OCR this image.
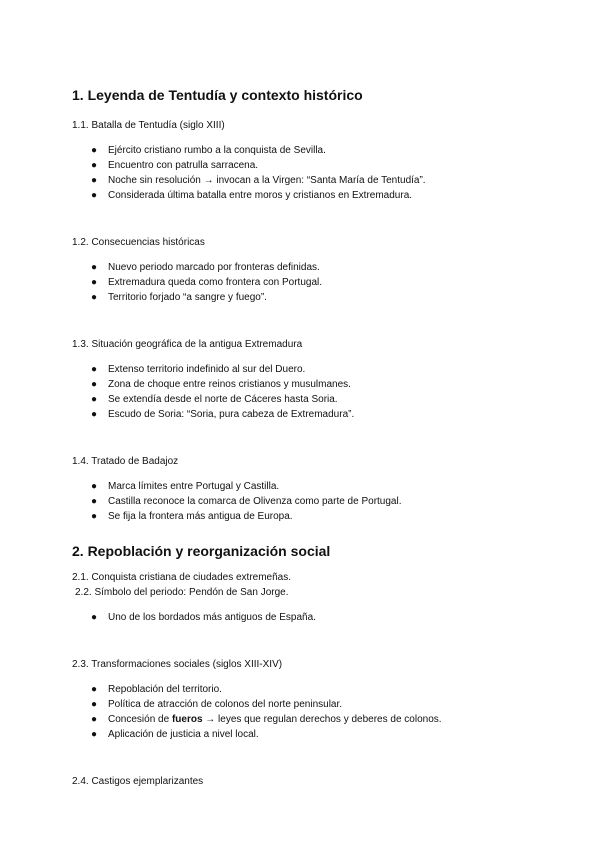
1. Leyenda de Tentudía y contexto histórico

1.1. Batalla de Tentudía (siglo XIII)

●	Ejército cristiano rumbo a la conquista de Sevilla.
●	Encuentro con patrulla sarracena.
●	Noche sin resolución → invocan a la Virgen: “Santa María de Tentudía”.
●	Considerada última batalla entre moros y cristianos en Extremadura.

1.2. Consecuencias históricas

●	Nuevo periodo marcado por fronteras definidas.
●	Extremadura queda como frontera con Portugal.
●	Territorio forjado “a sangre y fuego”.

1.3. Situación geográfica de la antigua Extremadura

●	Extenso territorio indefinido al sur del Duero.
●	Zona de choque entre reinos cristianos y musulmanes.
●	Se extendía desde el norte de Cáceres hasta Soria.
●	Escudo de Soria: “Soria, pura cabeza de Extremadura”.

1.4. Tratado de Badajoz

●	Marca límites entre Portugal y Castilla.
●	Castilla reconoce la comarca de Olivenza como parte de Portugal.
●	Se fija la frontera más antigua de Europa.
2. Repoblación y reorganización social

2.1. Conquista cristiana de ciudades extremeñas.

2.2. Símbolo del periodo: Pendón de San Jorge.

●	Uno de los bordados más antiguos de España.

2.3. Transformaciones sociales (siglos XIII-XIV)

●	Repoblación del territorio.
●	Política de atracción de colonos del norte peninsular.
●	Concesión de fueros → leyes que regulan derechos y deberes de colonos.
●	Aplicación de justicia a nivel local.

2.4. Castigos ejemplarizantes
